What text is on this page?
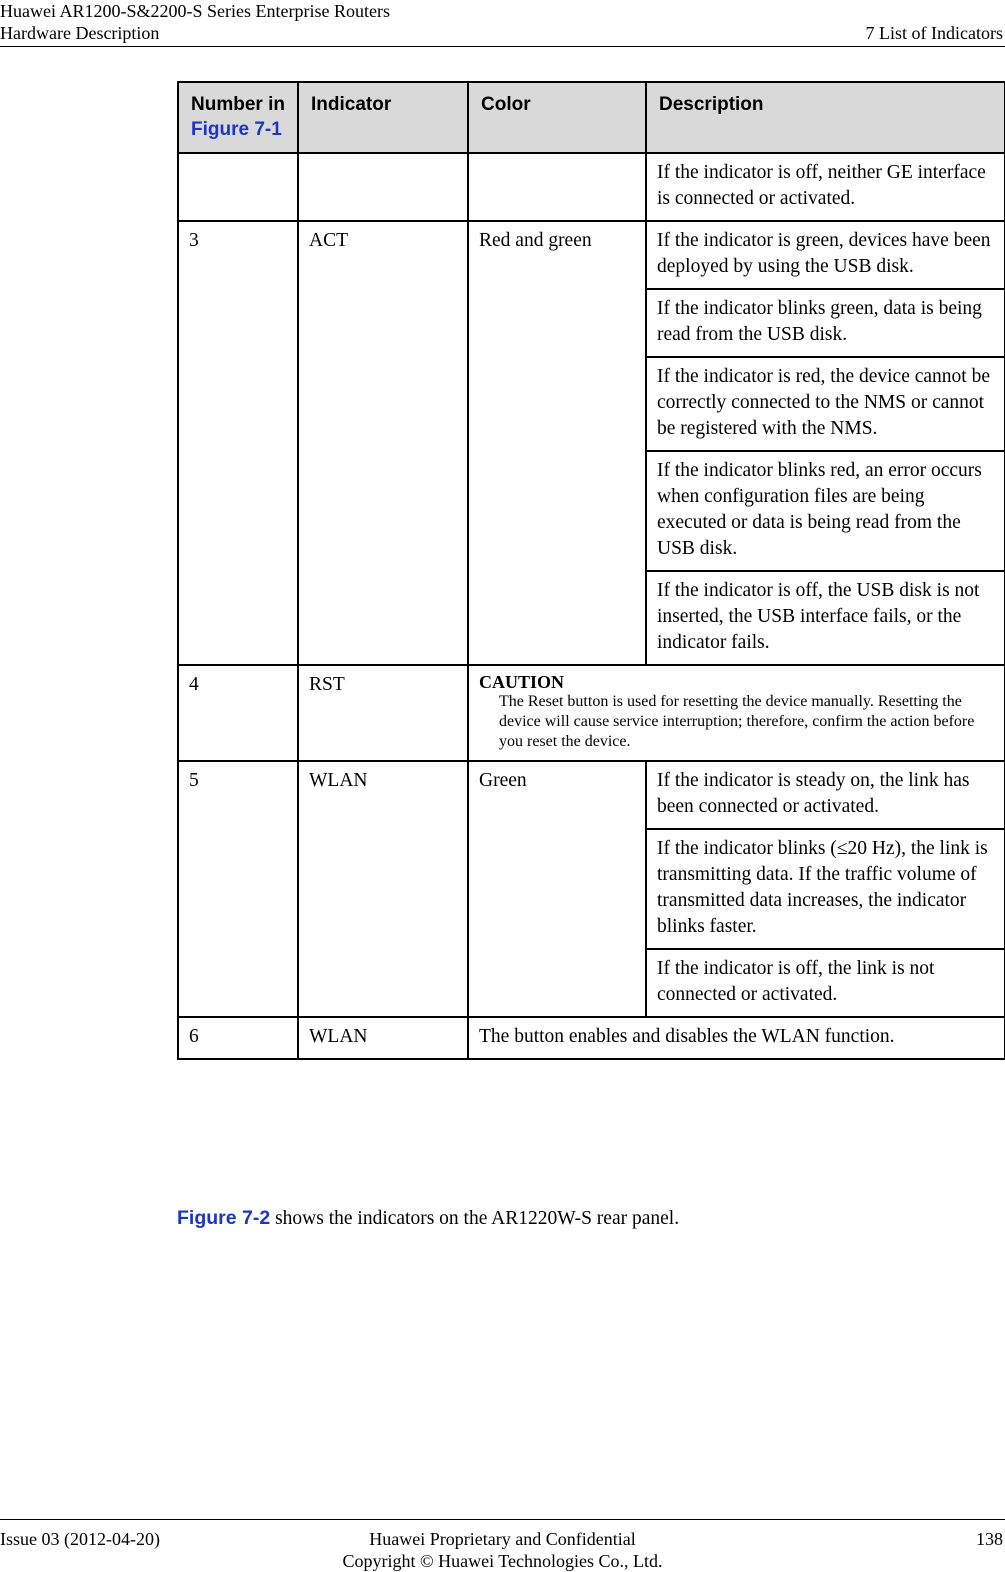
Huawei AR1200-S&2200-S Series Enterprise Routers
Hardware Description	7 List of Indicators
Number in Figure 7-1	Indicator	Color	Description
			If the indicator is off, neither GE interface is connected or activated.
3	ACT	Red and green	If the indicator is green, devices have been deployed by using the USB disk.
			If the indicator blinks green, data is being read from the USB disk.
			If the indicator is red, the device cannot be correctly connected to the NMS or cannot be registered with the NMS.
			If the indicator blinks red, an error occurs when configuration files are being executed or data is being read from the USB disk.
			If the indicator is off, the USB disk is not inserted, the USB interface fails, or the indicator fails.
4	RST	CAUTION
The Reset button is used for resetting the device manually. Resetting the device will cause service interruption; therefore, confirm the action before you reset the device.	

5	WLAN	Green	If the indicator is steady on, the link has been connected or activated.
			If the indicator blinks (≤20 Hz), the link is transmitting data. If the traffic volume of transmitted data increases, the indicator blinks faster.
			If the indicator is off, the link is not connected or activated.
6	WLAN	The button enables and disables the WLAN function.	
Figure 7-2 shows the indicators on the AR1220W-S rear panel.
Huawei Proprietary and Confidential
Copyright © Huawei Technologies Co., Ltd.
Issue 03 (2012-04-20)	138
